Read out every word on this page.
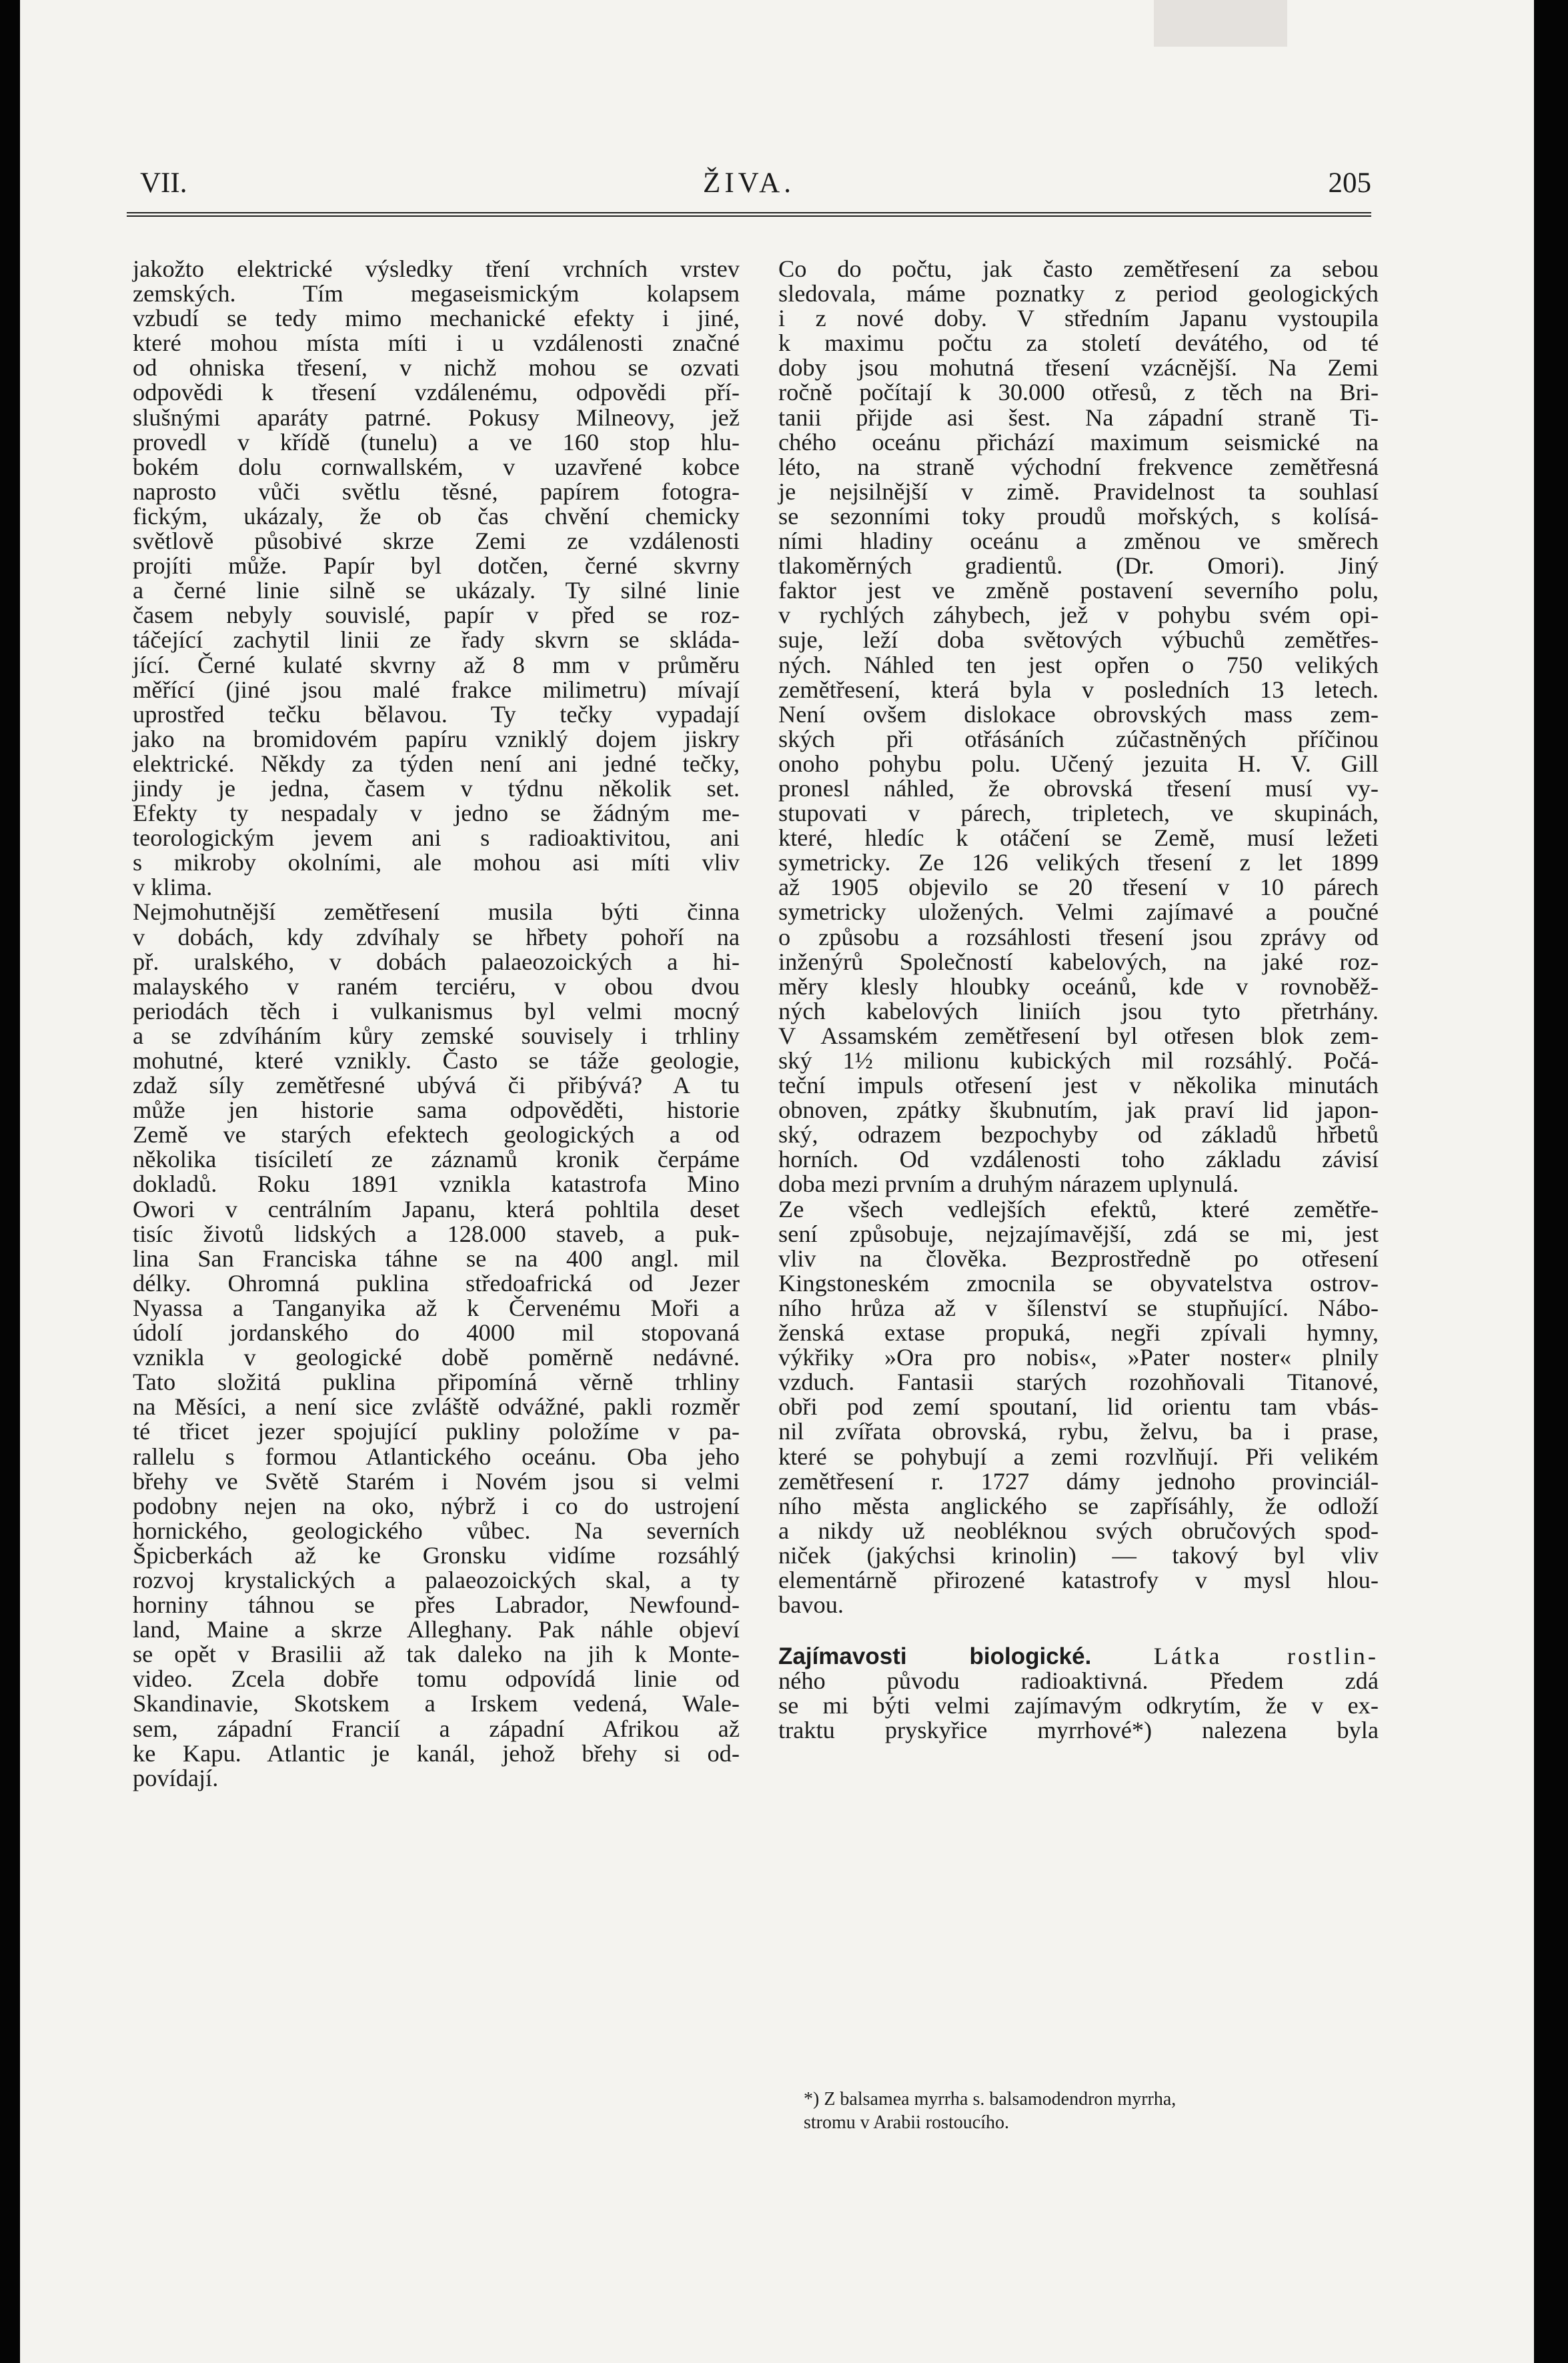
VII.	ŽIVA.	205
jakožto elektrické výsledky tření vrchních vrstev
zemských. Tím megaseismickým kolapsem
vzbudí se tedy mimo mechanické efekty i jiné,
které mohou místa míti i u vzdálenosti značné
od ohniska třesení, v nichž mohou se ozvati
odpovědi k třesení vzdálenému, odpovědi pří-
slušnými aparáty patrné. Pokusy Milneovy, jež
provedl v křídě (tunelu) a ve 160 stop hlu-
bokém dolu cornwallském, v uzavřené kobce
naprosto vůči světlu těsné, papírem fotogra-
fickým, ukázaly, že ob čas chvění chemicky
světlově působivé skrze Zemi ze vzdálenosti
projíti může. Papír byl dotčen, černé skvrny
a černé linie silně se ukázaly. Ty silné linie
časem nebyly souvislé, papír v před se roz-
táčející zachytil linii ze řady skvrn se skláda-
jící. Černé kulaté skvrny až 8 mm v průměru
měřící (jiné jsou malé frakce milimetru) mívají
uprostřed tečku bělavou. Ty tečky vypadají
jako na bromidovém papíru vzniklý dojem jiskry
elektrické. Někdy za týden není ani jedné tečky,
jindy je jedna, časem v týdnu několik set.
Efekty ty nespadaly v jedno se žádným me-
teorologickým jevem ani s radioaktivitou, ani
s mikroby okolními, ale mohou asi míti vliv
v klima.
Nejmohutnější zemětřesení musila býti činna
v dobách, kdy zdvíhaly se hřbety pohoří na
př. uralského, v dobách palaeozoických a hi-
malayského v raném terciéru, v obou dvou
periodách těch i vulkanismus byl velmi mocný
a se zdvíháním kůry zemské souvisely i trhliny
mohutné, které vznikly. Často se táže geologie,
zdaž síly zemětřesné ubývá či přibývá? A tu
může jen historie sama odpověděti, historie
Země ve starých efektech geologických a od
několika tisíciletí ze záznamů kronik čerpáme
dokladů. Roku 1891 vznikla katastrofa Mino
Owori v centrálním Japanu, která pohltila deset
tisíc životů lidských a 128.000 staveb, a puk-
lina San Franciska táhne se na 400 angl. mil
délky. Ohromná puklina středoafrická od Jezer
Nyassa a Tanganyika až k Červenému Moři a
údolí jordanského do 4000 mil stopovaná
vznikla v geologické době poměrně nedávné.
Tato složitá puklina připomíná věrně trhliny
na Měsíci, a není sice zvláště odvážné, pakli rozměr
té třicet jezer spojující pukliny položíme v pa-
rallelu s formou Atlantického oceánu. Oba jeho
břehy ve Světě Starém i Novém jsou si velmi
podobny nejen na oko, nýbrž i co do ustrojení
hornického, geologického vůbec. Na severních
Špicberkách až ke Gronsku vidíme rozsáhlý
rozvoj krystalických a palaeozoických skal, a ty
horniny táhnou se přes Labrador, Newfound-
land, Maine a skrze Alleghany. Pak náhle objeví
se opět v Brasilii až tak daleko na jih k Monte-
video. Zcela dobře tomu odpovídá linie od
Skandinavie, Skotskem a Irskem vedená, Wale-
sem, západní Francií a západní Afrikou až
ke Kapu. Atlantic je kanál, jehož břehy si od-
povídají.
Co do počtu, jak často zemětřesení za sebou
sledovala, máme poznatky z period geologických
i z nové doby. V středním Japanu vystoupila
k maximu počtu za století devátého, od té
doby jsou mohutná třesení vzácnější. Na Zemi
ročně počítají k 30.000 otřesů, z těch na Bri-
tanii přijde asi šest. Na západní straně Ti-
chého oceánu přichází maximum seismické na
léto, na straně východní frekvence zemětřesná
je nejsilnější v zimě. Pravidelnost ta souhlasí
se sezonními toky proudů mořských, s kolísá-
ními hladiny oceánu a změnou ve směrech
tlakoměrných gradientů. (Dr. Omori). Jiný
faktor jest ve změně postavení severního polu,
v rychlých záhybech, jež v pohybu svém opi-
suje, leží doba světových výbuchů zemětřes-
ných. Náhled ten jest opřen o 750 velikých
zemětřesení, která byla v posledních 13 letech.
Není ovšem dislokace obrovských mass zem-
ských při otřásáních zúčastněných příčinou
onoho pohybu polu. Učený jezuita H. V. Gill
pronesl náhled, že obrovská třesení musí vy-
stupovati v párech, tripletech, ve skupinách,
které, hledíc k otáčení se Země, musí ležeti
symetricky. Ze 126 velikých třesení z let 1899
až 1905 objevilo se 20 třesení v 10 párech
symetricky uložených. Velmi zajímavé a poučné
o způsobu a rozsáhlosti třesení jsou zprávy od
inženýrů Společností kabelových, na jaké roz-
měry klesly hloubky oceánů, kde v rovnoběž-
ných kabelových liniích jsou tyto přetrhány.
V Assamském zemětřesení byl otřesen blok zem-
ský 1½ milionu kubických mil rozsáhlý. Počá-
teční impuls otřesení jest v několika minutách
obnoven, zpátky škubnutím, jak praví lid japon-
ský, odrazem bezpochyby od základů hřbetů
horních. Od vzdálenosti toho základu závisí
doba mezi prvním a druhým nárazem uplynulá.
Ze všech vedlejších efektů, které zemětře-
sení způsobuje, nejzajímavější, zdá se mi, jest
vliv na člověka. Bezprostředně po otřesení
Kingstoneském zmocnila se obyvatelstva ostrov-
ního hrůza až v šílenství se stupňující. Nábo-
ženská extase propuká, negři zpívali hymny,
výkřiky »Ora pro nobis«, »Pater noster« plnily
vzduch. Fantasii starých rozohňovali Titanové,
obři pod zemí spoutaní, lid orientu tam vbás-
nil zvířata obrovská, rybu, želvu, ba i prase,
které se pohybují a zemi rozvlňují. Při velikém
zemětřesení r. 1727 dámy jednoho provinciál-
ního města anglického se zapřísáhly, že odloží
a nikdy už neobléknou svých obručových spod-
niček (jakýchsi krinolin) — takový byl vliv
elementárně přirozené katastrofy v mysl hlou-
bavou.
Zajímavosti biologické.	Látka rostlin-
ného původu radioaktivná. Předem zdá
se mi býti velmi zajímavým odkrytím, že v ex-
traktu pryskyřice myrrhové*) nalezena byla
*) Z balsamea myrrha s. balsamodendron myrrha,
stromu v Arabii rostoucího.
